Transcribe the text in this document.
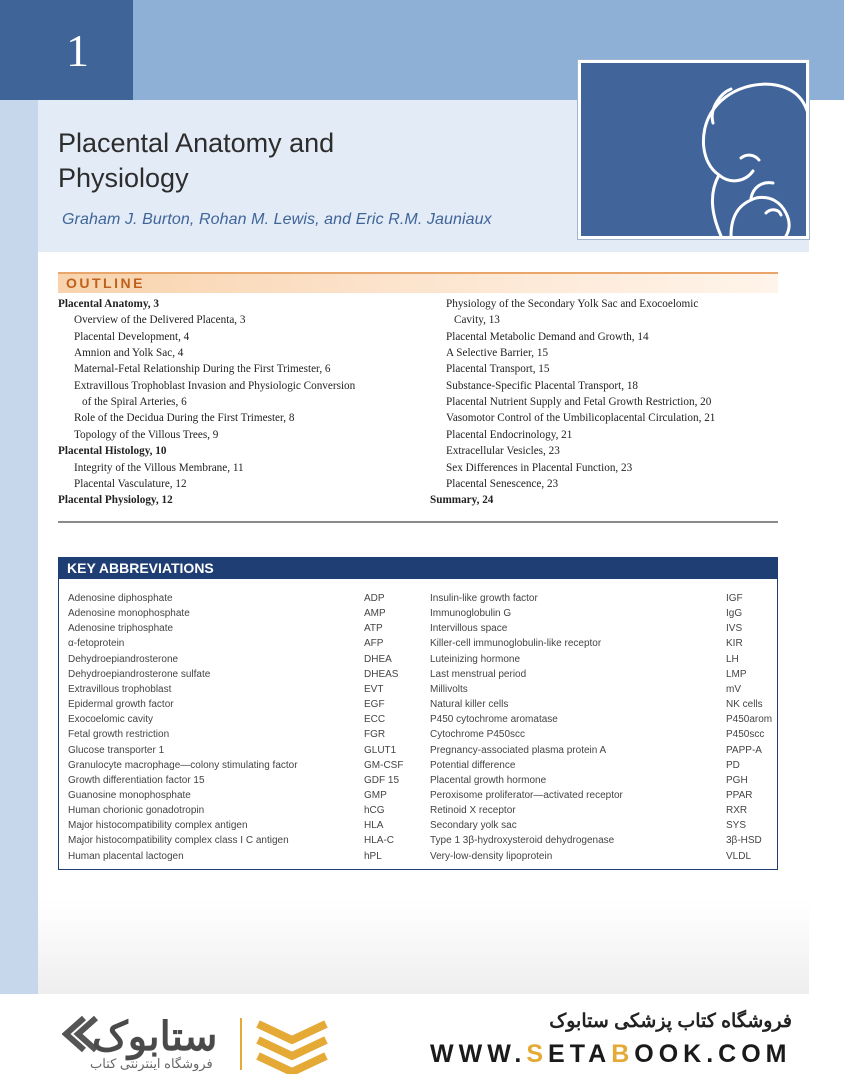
1
Placental Anatomy and
Physiology
Graham J. Burton, Rohan M. Lewis, and Eric R.M. Jauniaux
OUTLINE
Placental Anatomy, 3
Overview of the Delivered Placenta, 3
Placental Development, 4
Amnion and Yolk Sac, 4
Maternal-Fetal Relationship During the First Trimester, 6
Extravillous Trophoblast Invasion and Physiologic Conversion
of the Spiral Arteries, 6
Role of the Decidua During the First Trimester, 8
Topology of the Villous Trees, 9
Placental Histology, 10
Integrity of the Villous Membrane, 11
Placental Vasculature, 12
Placental Physiology, 12
Physiology of the Secondary Yolk Sac and Exocoelomic
Cavity, 13
Placental Metabolic Demand and Growth, 14
A Selective Barrier, 15
Placental Transport, 15
Substance-Specific Placental Transport, 18
Placental Nutrient Supply and Fetal Growth Restriction, 20
Vasomotor Control of the Umbilicoplacental Circulation, 21
Placental Endocrinology, 21
Extracellular Vesicles, 23
Sex Differences in Placental Function, 23
Placental Senescence, 23
Summary, 24
KEY ABBREVIATIONS
Adenosine diphosphate	ADP
Adenosine monophosphate	AMP
Adenosine triphosphate	ATP
α-fetoprotein	AFP
Dehydroepiandrosterone	DHEA
Dehydroepiandrosterone sulfate	DHEAS
Extravillous trophoblast	EVT
Epidermal growth factor	EGF
Exocoelomic cavity	ECC
Fetal growth restriction	FGR
Glucose transporter 1	GLUT1
Granulocyte macrophage—colony stimulating factor	GM-CSF
Growth differentiation factor 15	GDF 15
Guanosine monophosphate	GMP
Human chorionic gonadotropin	hCG
Major histocompatibility complex antigen	HLA
Major histocompatibility complex class I C antigen	HLA-C
Human placental lactogen	hPL
Insulin-like growth factor	IGF
Immunoglobulin G	IgG
Intervillous space	IVS
Killer-cell immunoglobulin-like receptor	KIR
Luteinizing hormone	LH
Last menstrual period	LMP
Millivolts	mV
Natural killer cells	NK cells
P450 cytochrome aromatase	P450arom
Cytochrome P450scc	P450scc
Pregnancy-associated plasma protein A	PAPP-A
Potential difference	PD
Placental growth hormone	PGH
Peroxisome proliferator—activated receptor	PPAR
Retinoid X receptor	RXR
Secondary yolk sac	SYS
Type 1 3β-hydroxysteroid dehydrogenase	3β-HSD
Very-low-density lipoprotein	VLDL
ستابوک
فروشگاه اینترنتی کتاب
فروشگاه کتاب پزشکی ستابوک
WWW.SETABOOK.COM
